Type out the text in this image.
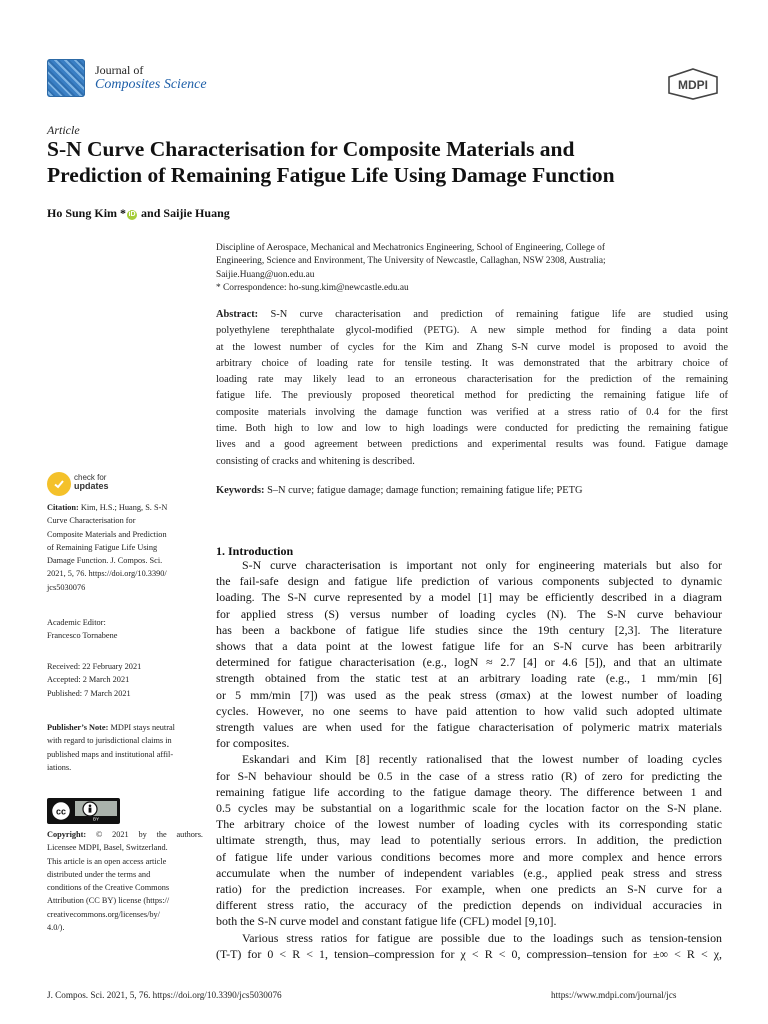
Journal of
Composites Science	MDPI
Article
S-N Curve Characterisation for Composite Materials and
Prediction of Remaining Fatigue Life Using Damage Function
Ho Sung Kim * iD and Saijie Huang
Discipline of Aerospace, Mechanical and Mechatronics Engineering, School of Engineering, College of
Engineering, Science and Environment, The University of Newcastle, Callaghan, NSW 2308, Australia;
Saijie.Huang@uon.edu.au
* Correspondence: ho-sung.kim@newcastle.edu.au
Abstract: S-N curve characterisation and prediction of remaining fatigue life are studied using
polyethylene terephthalate glycol-modified (PETG). A new simple method for finding a data point
at the lowest number of cycles for the Kim and Zhang S-N curve model is proposed to avoid the
arbitrary choice of loading rate for tensile testing. It was demonstrated that the arbitrary choice of
loading rate may likely lead to an erroneous characterisation for the prediction of the remaining
fatigue life. The previously proposed theoretical method for predicting the remaining fatigue life of
composite materials involving the damage function was verified at a stress ratio of 0.4 for the first
time. Both high to low and low to high loadings were conducted for predicting the remaining fatigue
lives and a good agreement between predictions and experimental results was found. Fatigue damage
consisting of cracks and whitening is described.
Keywords: S–N curve; fatigue damage; damage function; remaining fatigue life; PETG
check for
updates
Citation: Kim, H.S.; Huang, S. S-N
Curve Characterisation for
Composite Materials and Prediction
of Remaining Fatigue Life Using
Damage Function. J. Compos. Sci.
2021, 5, 76. https://doi.org/10.3390/
jcs5030076
Academic Editor:
Francesco Tornabene
Received: 22 February 2021
Accepted: 2 March 2021
Published: 7 March 2021
Publisher’s Note: MDPI stays neutral
with regard to jurisdictional claims in
published maps and institutional affil-
iations.
cc
BY
Copyright: © 2021 by the authors.
Licensee MDPI, Basel, Switzerland.
This article is an open access article
distributed under the terms and
conditions of the Creative Commons
Attribution (CC BY) license (https://
creativecommons.org/licenses/by/
4.0/).
1. Introduction
S-N curve characterisation is important not only for engineering materials but also for
the fail-safe design and fatigue life prediction of various components subjected to dynamic
loading. The S-N curve represented by a model [1] may be efficiently described in a diagram
for applied stress (S) versus number of loading cycles (N). The S-N curve behaviour
has been a backbone of fatigue life studies since the 19th century [2,3]. The literature
shows that a data point at the lowest fatigue life for an S-N curve has been arbitrarily
determined for fatigue characterisation (e.g., logN ≈ 2.7 [4] or 4.6 [5]), and that an ultimate
strength obtained from the static test at an arbitrary loading rate (e.g., 1 mm/min [6]
or 5 mm/min [7]) was used as the peak stress (σmax) at the lowest number of loading
cycles. However, no one seems to have paid attention to how valid such adopted ultimate
strength values are when used for the fatigue characterisation of polymeric matrix materials
for composites.
Eskandari and Kim [8] recently rationalised that the lowest number of loading cycles
for S-N behaviour should be 0.5 in the case of a stress ratio (R) of zero for predicting the
remaining fatigue life according to the fatigue damage theory. The difference between 1 and
0.5 cycles may be substantial on a logarithmic scale for the location factor on the S-N plane.
The arbitrary choice of the lowest number of loading cycles with its corresponding static
ultimate strength, thus, may lead to potentially serious errors. In addition, the prediction
of fatigue life under various conditions becomes more and more complex and hence errors
accumulate when the number of independent variables (e.g., applied peak stress and stress
ratio) for the prediction increases. For example, when one predicts an S-N curve for a
different stress ratio, the accuracy of the prediction depends on individual accuracies in
both the S-N curve model and constant fatigue life (CFL) model [9,10].
Various stress ratios for fatigue are possible due to the loadings such as tension-tension
(T-T) for 0 < R < 1, tension–compression for χ < R < 0, compression–tension for ±∞ < R < χ,
J. Compos. Sci. 2021, 5, 76. https://doi.org/10.3390/jcs5030076	https://www.mdpi.com/journal/jcs
